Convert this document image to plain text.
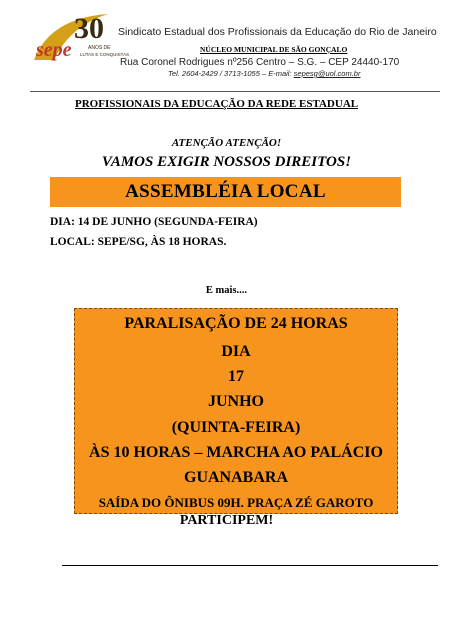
30
sepe	ANOS DE
LUTAS E CONQUISTAS
Sindicato Estadual dos Profissionais da Educação do Rio de Janeiro
NÚCLEO MUNICIPAL DE SÃO GONÇALO
Rua Coronel Rodrigues nº256 Centro – S.G. – CEP 24440-170
Tel. 2604-2429 / 3713-1055 – E-mail: sepesg@uol.com.br
PROFISSIONAIS DA EDUCAÇÃO DA REDE ESTADUAL
ATENÇÃO ATENÇÃO!
VAMOS EXIGIR NOSSOS DIREITOS!
ASSEMBLÉIA LOCAL
DIA: 14 DE JUNHO (SEGUNDA-FEIRA)
LOCAL: SEPE/SG, ÀS 18 HORAS.
E mais....
PARALISAÇÃO DE 24 HORAS
DIA
17
JUNHO
(QUINTA-FEIRA)
ÀS 10 HORAS – MARCHA AO PALÁCIO
GUANABARA
SAÍDA DO ÔNIBUS 09H. PRAÇA ZÉ GAROTO
PARTICIPEM!
